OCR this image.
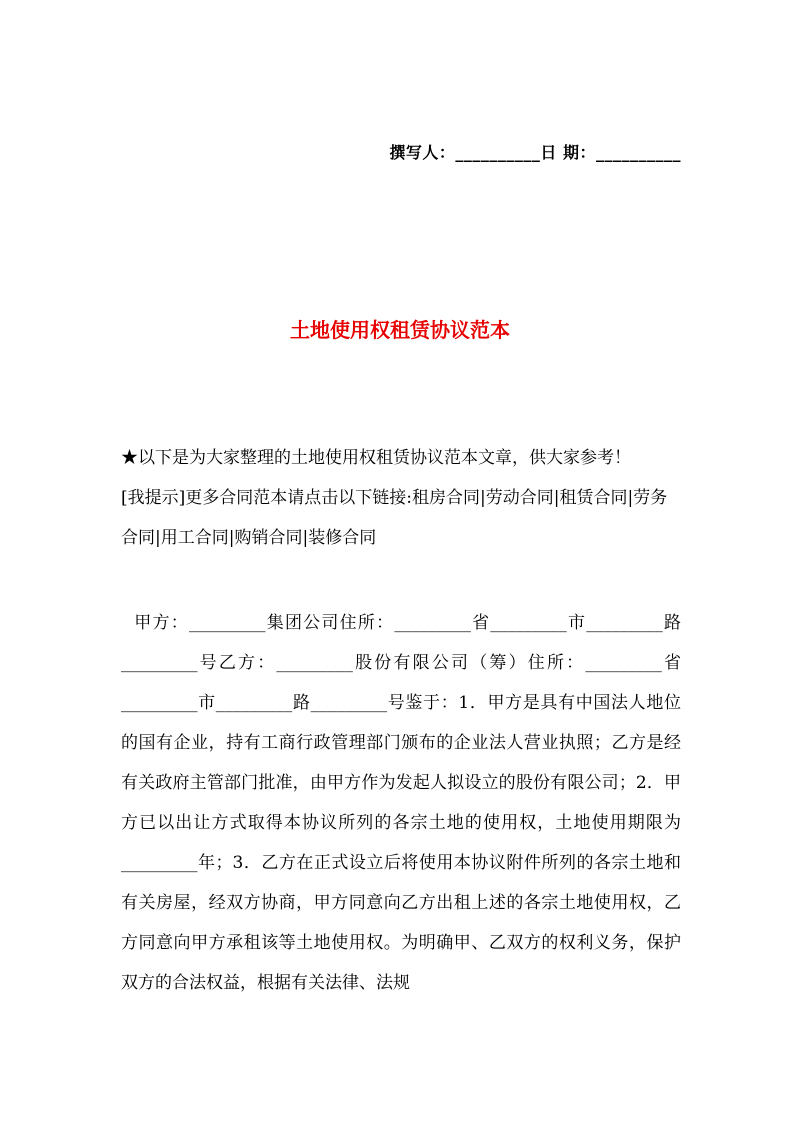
撰写人：__________日 期：__________
土地使用权租赁协议范本

★以下是为大家整理的土地使用权租赁协议范本文章，供大家参考！

[我提示]更多合同范本请点击以下链接:租房合同|劳动合同|租赁合同|劳务合同|用工合同|购销合同|装修合同

甲方：_________集团公司住所：_________省_________市_________路_________号乙方：_________股份有限公司（筹）住所：_________省_________市_________路_________号鉴于：1．甲方是具有中国法人地位的国有企业，持有工商行政管理部门颁布的企业法人营业执照；乙方是经有关政府主管部门批准，由甲方作为发起人拟设立的股份有限公司；2．甲方已以出让方式取得本协议所列的各宗土地的使用权，土地使用期限为_________年；3．乙方在正式设立后将使用本协议附件所列的各宗土地和有关房屋，经双方协商，甲方同意向乙方出租上述的各宗土地使用权，乙方同意向甲方承租该等土地使用权。为明确甲、乙双方的权利义务，保护双方的合法权益，根据有关法律、法规
